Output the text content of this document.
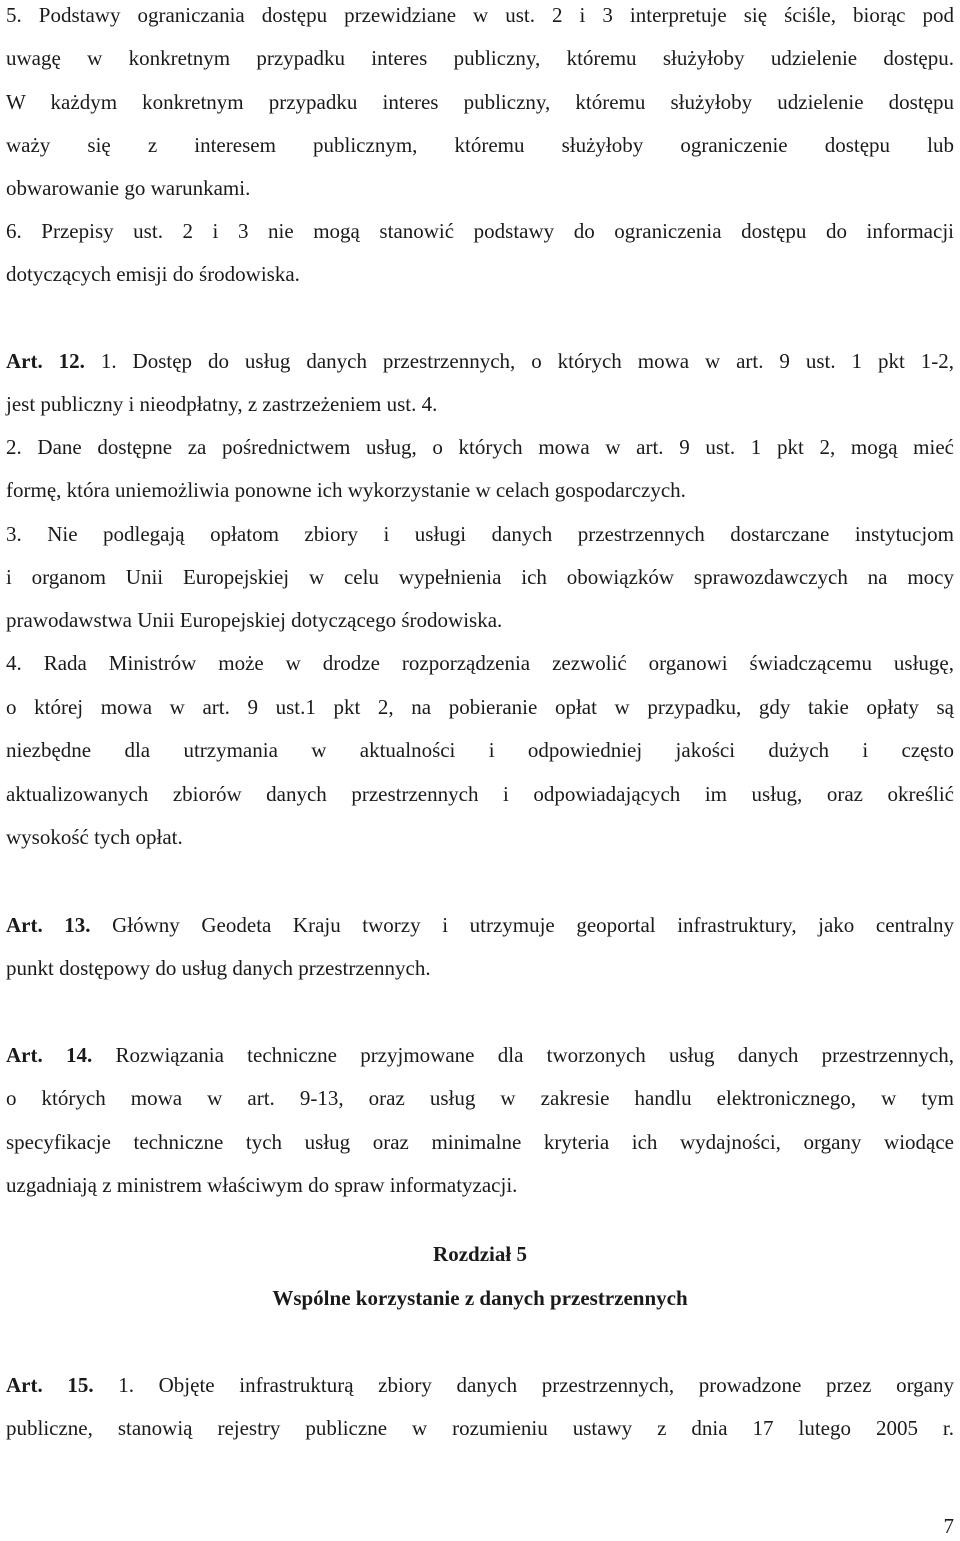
5. Podstawy ograniczania dostępu przewidziane w ust. 2 i 3 interpretuje się ściśle, biorąc pod
uwagę w konkretnym przypadku interes publiczny, któremu służyłoby udzielenie dostępu.
W każdym konkretnym przypadku interes publiczny, któremu służyłoby udzielenie dostępu
waży się z interesem publicznym, któremu służyłoby ograniczenie dostępu lub
obwarowanie go warunkami.
6. Przepisy ust. 2 i 3 nie mogą stanowić podstawy do ograniczenia dostępu do informacji
dotyczących emisji do środowiska.
Art. 12. 1. Dostęp do usług danych przestrzennych, o których mowa w art. 9 ust. 1 pkt 1-2,
jest publiczny i nieodpłatny, z zastrzeżeniem ust. 4.
2. Dane dostępne za pośrednictwem usług, o których mowa w art. 9 ust. 1 pkt 2, mogą mieć
formę, która uniemożliwia ponowne ich wykorzystanie w celach gospodarczych.
3. Nie podlegają opłatom zbiory i usługi danych przestrzennych dostarczane instytucjom
i organom Unii Europejskiej w celu wypełnienia ich obowiązków sprawozdawczych na mocy
prawodawstwa Unii Europejskiej dotyczącego środowiska.
4. Rada Ministrów może w drodze rozporządzenia zezwolić organowi świadczącemu usługę,
o której mowa w art. 9 ust.1 pkt 2, na pobieranie opłat w przypadku, gdy takie opłaty są
niezbędne dla utrzymania w aktualności i odpowiedniej jakości dużych i często
aktualizowanych zbiorów danych przestrzennych i odpowiadających im usług, oraz określić
wysokość tych opłat.
Art. 13. Główny Geodeta Kraju tworzy i utrzymuje geoportal infrastruktury, jako centralny
punkt dostępowy do usług danych przestrzennych.
Art. 14. Rozwiązania techniczne przyjmowane dla tworzonych usług danych przestrzennych,
o których mowa w art. 9-13, oraz usług w zakresie handlu elektronicznego, w tym
specyfikacje techniczne tych usług oraz minimalne kryteria ich wydajności, organy wiodące
uzgadniają z ministrem właściwym do spraw informatyzacji.
Rozdział 5
Wspólne korzystanie z danych przestrzennych
Art. 15. 1. Objęte infrastrukturą zbiory danych przestrzennych, prowadzone przez organy
publiczne, stanowią rejestry publiczne w rozumieniu ustawy z dnia 17 lutego 2005 r.
7
